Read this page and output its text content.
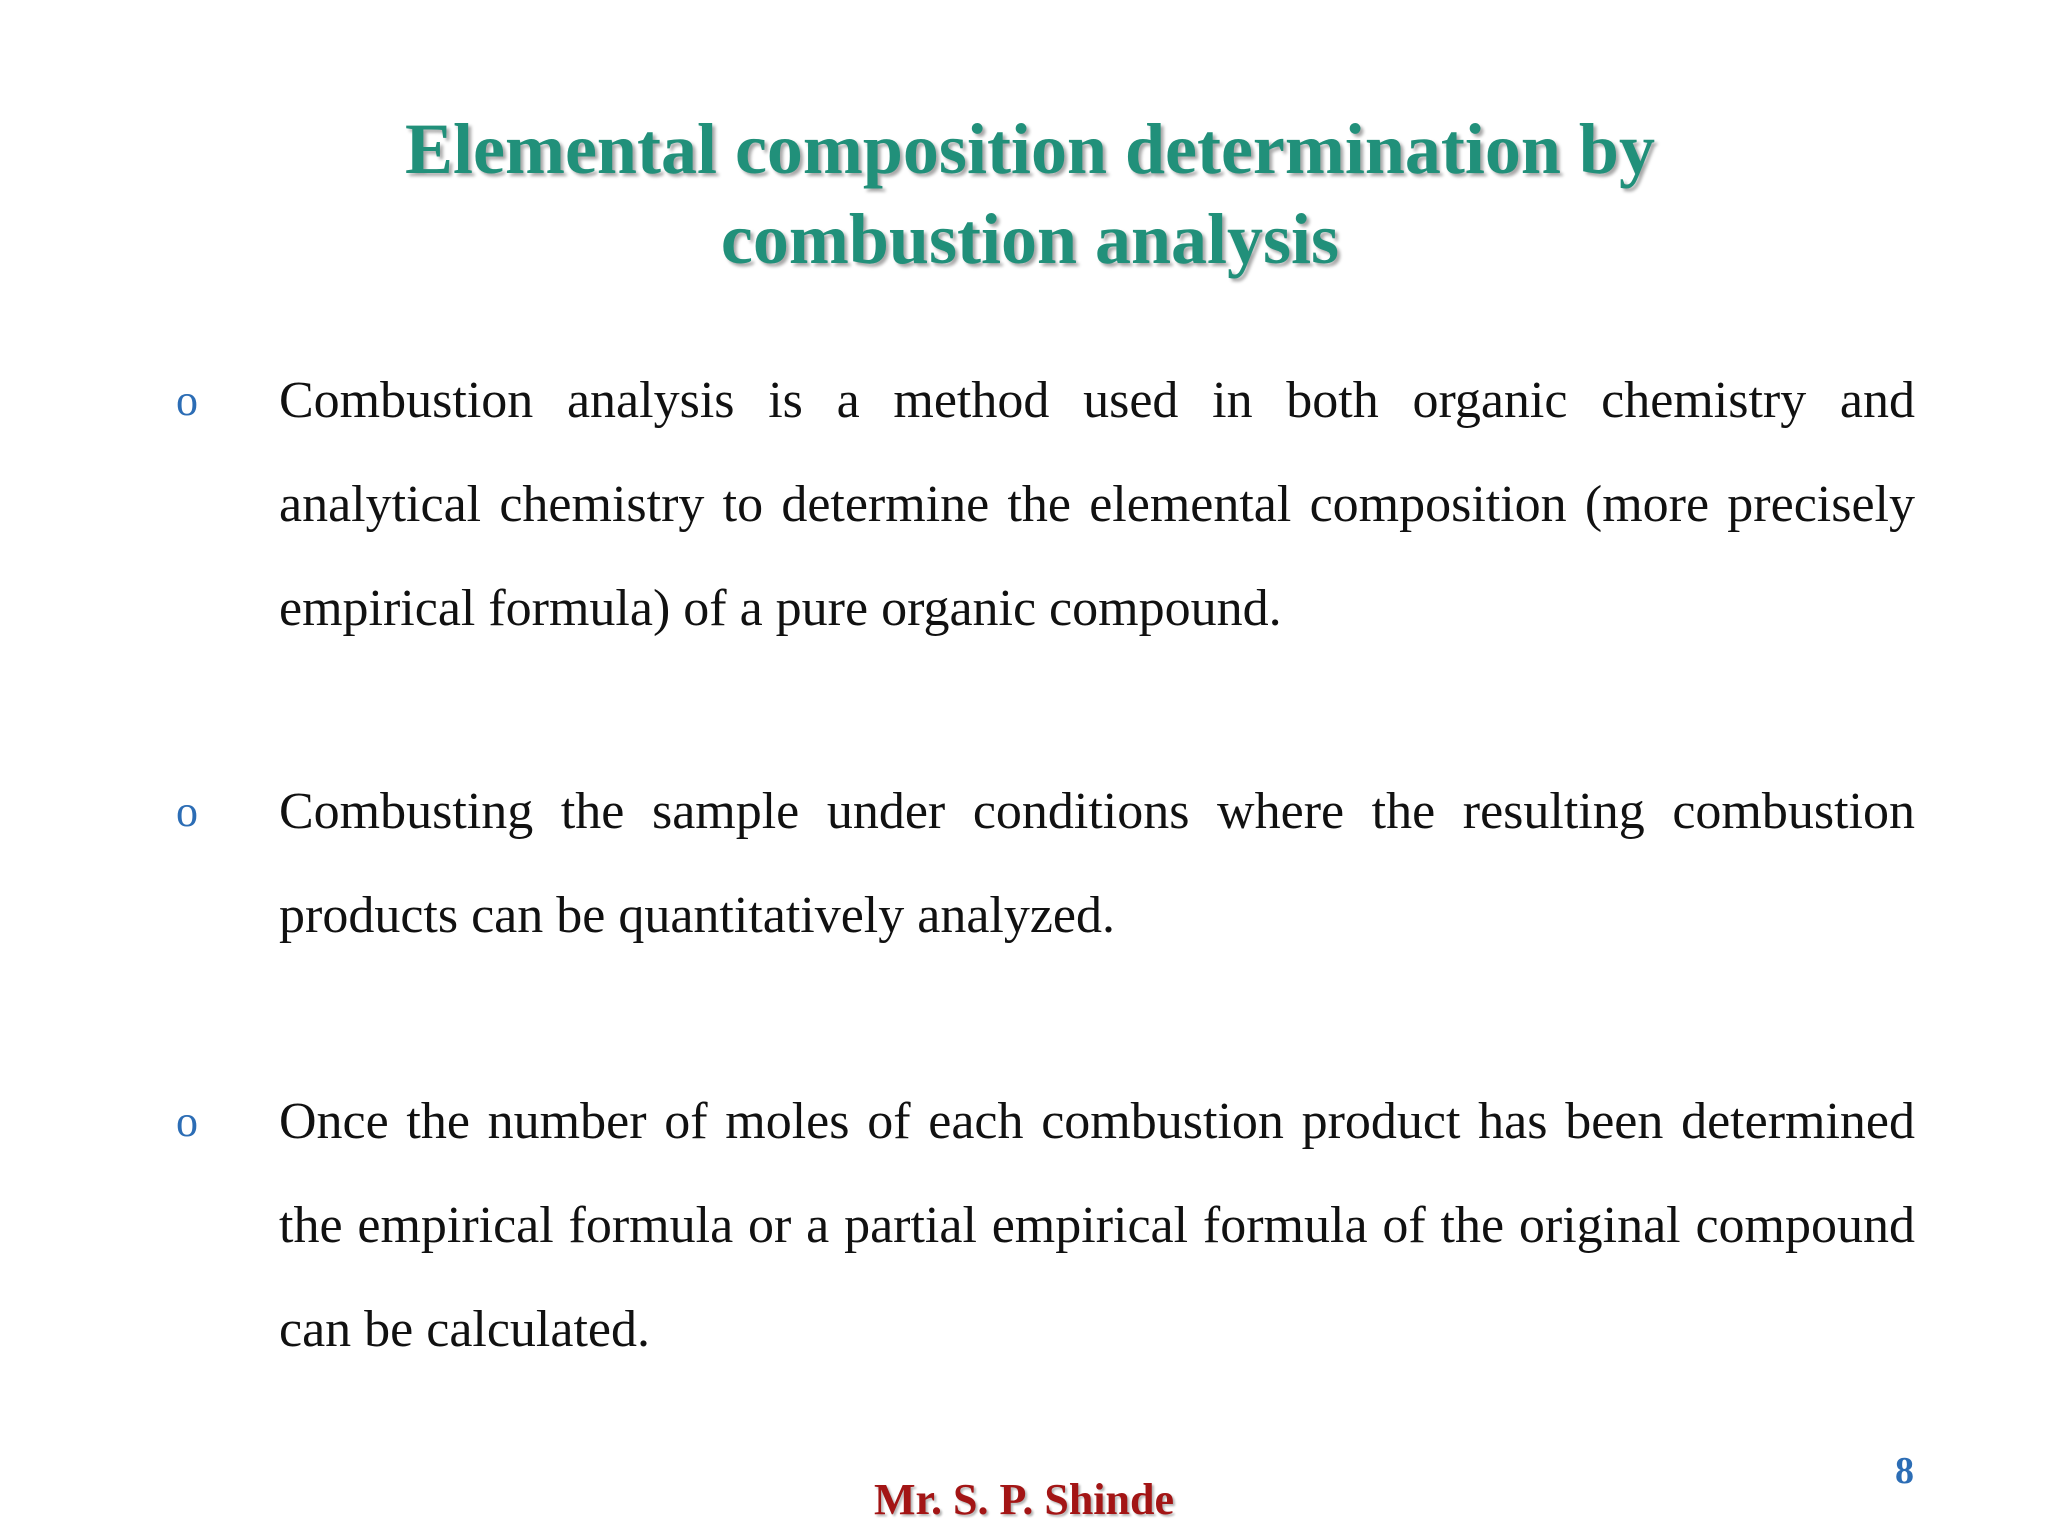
Elemental composition determination by
combustion analysis
o Combustion analysis is a method used in both organic chemistry and analytical chemistry to determine the elemental composition (more precisely empirical formula) of a pure organic compound.

o Combusting the sample under conditions where the resulting combustion products can be quantitatively analyzed.

o Once the number of moles of each combustion product has been determined the empirical formula or a partial empirical formula of the original compound can be calculated.

Mr. S. P. Shinde
8
